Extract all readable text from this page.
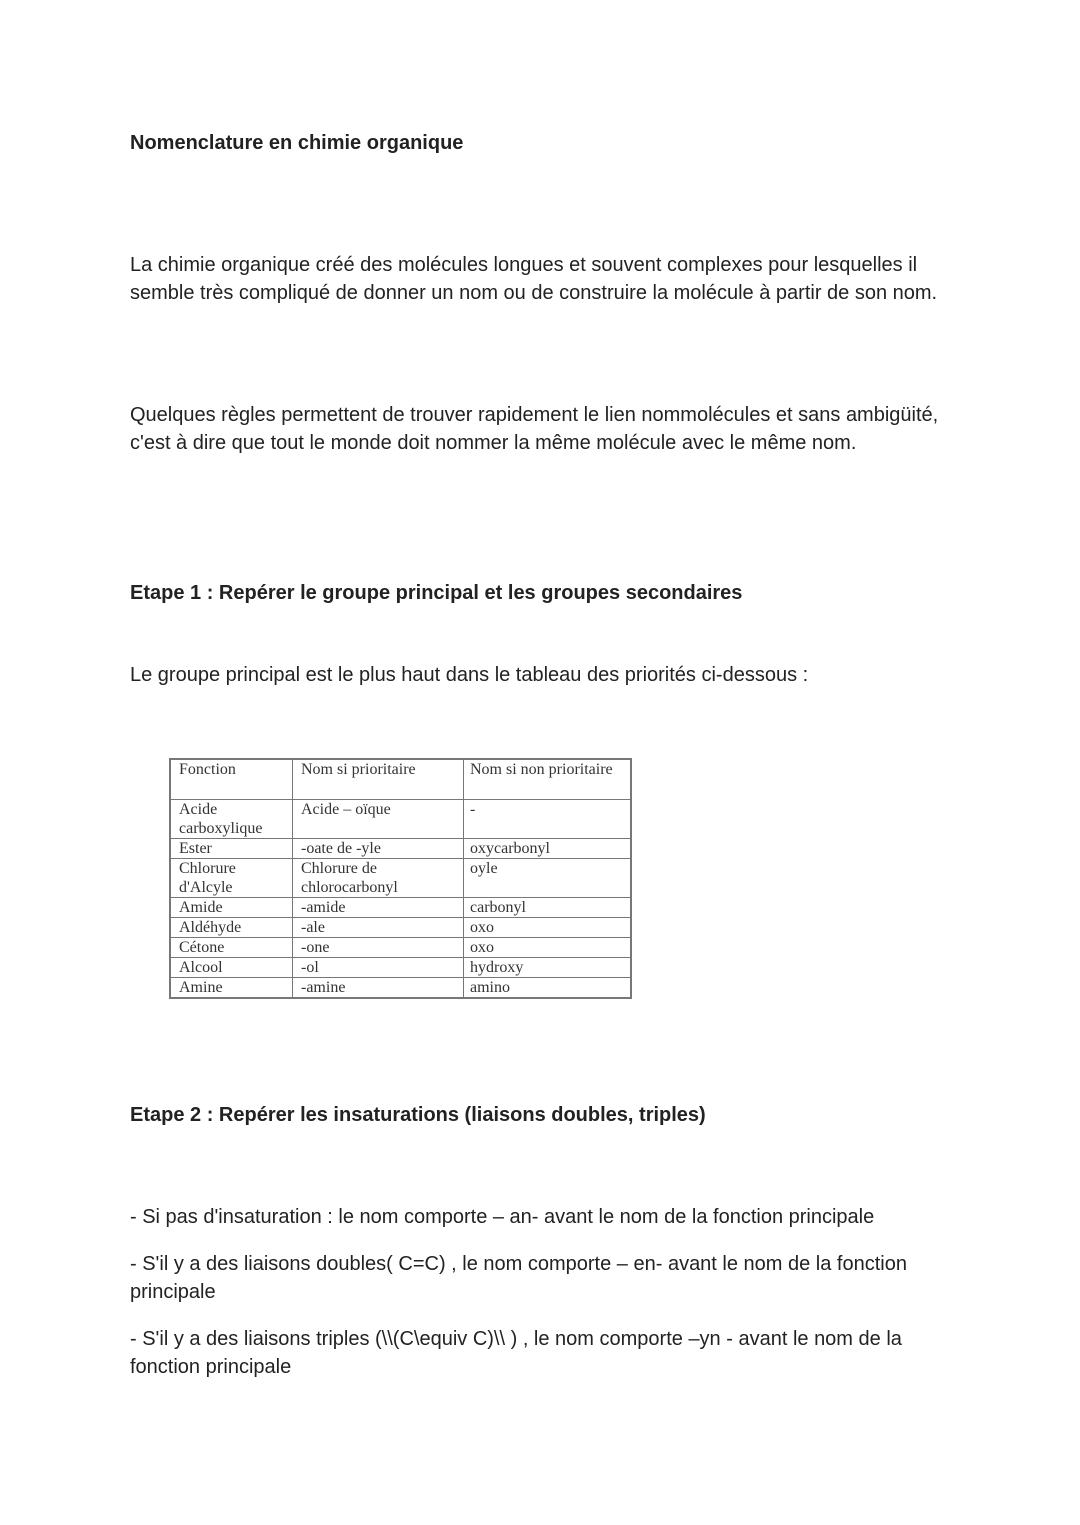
Nomenclature en chimie organique

La chimie organique créé des molécules longues et souvent complexes pour lesquelles il semble très compliqué de donner un nom ou de construire la molécule à partir de son nom.

Quelques règles permettent de trouver rapidement le lien nommolécules et sans ambigüité, c'est à dire que tout le monde doit nommer la même molécule avec le même nom.

Etape 1 : Repérer le groupe principal et les groupes secondaires

Le groupe principal est le plus haut dans le tableau des priorités ci-dessous :

Etape 2 : Repérer les insaturations (liaisons doubles, triples)

- Si pas d'insaturation : le nom comporte – an- avant le nom de la fonction principale

- S'il y a des liaisons doubles( C=C) , le nom comporte – en- avant le nom de la fonction principale

- S'il y a des liaisons triples (\\(C\equiv C)\\ ) , le nom comporte –yn - avant le nom de la fonction principale

Fonction	Nom si prioritaire	Nom si non prioritaire
Acide carboxylique	Acide – oïque	-
Ester	-oate de -yle	oxycarbonyl
Chlorure d'Alcyle	Chlorure de chlorocarbonyl	oyle
Amide	-amide	carbonyl
Aldéhyde	-ale	oxo
Cétone	-one	oxo
Alcool	-ol	hydroxy
Amine	-amine	amino
